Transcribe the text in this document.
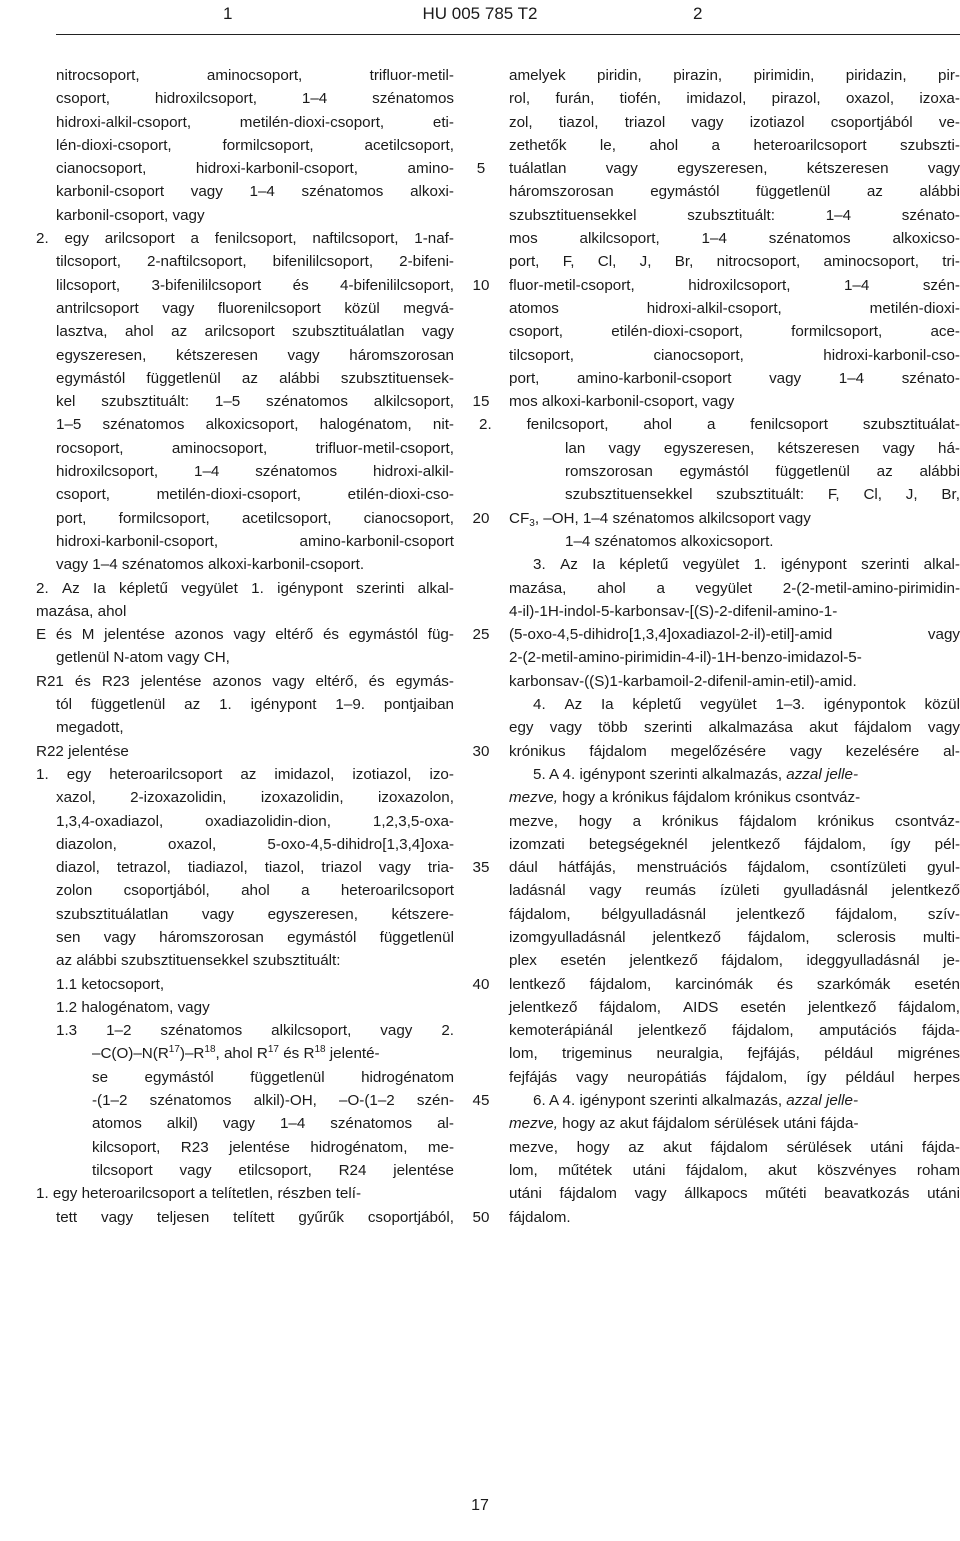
1	HU 005 785 T2	2
nitrocsoport,	aminocsoport,	trifluor-metil-
csoport,	hidroxilcsoport,	1–4	szénatomos
hidroxi-alkil-csoport,	metilén-dioxi-csoport,	eti-
lén-dioxi-csoport,	formilcsoport,	acetilcsoport,
cianocsoport,	hidroxi-karbonil-csoport,	amino-
karbonil-csoport vagy 1–4 szénatomos alkoxi-
karbonil-csoport, vagy
2. egy arilcsoport a fenilcsoport, naftilcsoport, 1-naf-
tilcsoport, 2-naftilcsoport, bifenililcsoport, 2-bifeni-
lilcsoport, 3-bifenililcsoport és 4-bifenililcsoport,
antrilcsoport vagy fluorenilcsoport közül megvá-
lasztva, ahol az arilcsoport szubsztituálatlan vagy
egyszeresen, kétszeresen vagy háromszorosan
egymástól függetlenül az alábbi szubsztituensek-
kel szubsztituált: 1–5 szénatomos alkilcsoport,
1–5 szénatomos alkoxicsoport, halogénatom, nit-
rocsoport,	aminocsoport,	trifluor-metil-csoport,
hidroxilcsoport, 1–4 szénatomos hidroxi-alkil-
csoport,	metilén-dioxi-csoport,	etilén-dioxi-cso-
port, formilcsoport, acetilcsoport, cianocsoport,
hidroxi-karbonil-csoport,	amino-karbonil-csoport
vagy 1–4 szénatomos alkoxi-karbonil-csoport.
2. Az Ia képletű vegyület 1. igénypont szerinti alkal-
mazása, ahol
E és M jelentése azonos vagy eltérő és egymástól füg-
getlenül N-atom vagy CH,
R21 és R23 jelentése azonos vagy eltérő, és egymás-
tól függetlenül az 1. igénypont 1–9. pontjaiban
megadott,
R22 jelentése
1. egy heteroarilcsoport az imidazol, izotiazol, izo-
xazol, 2-izoxazolidin, izoxazolidin, izoxazolon,
1,3,4-oxadiazol,	oxadiazolidin-dion,	1,2,3,5-oxa-
diazolon,	oxazol,	5-oxo-4,5-dihidro[1,3,4]oxa-
diazol, tetrazol, tiadiazol, tiazol, triazol vagy tria-
zolon csoportjából, ahol a heteroarilcsoport
szubsztituálatlan vagy egyszeresen, kétszere-
sen vagy háromszorosan egymástól függetlenül
az alábbi szubsztituensekkel szubsztituált:
1.1 ketocsoport,
1.2 halogénatom, vagy
1.3 1–2 szénatomos alkilcsoport, vagy 2.
$-C(O)-N(R^{17})-R^{18}$, ahol $R^{17}$ és $R^{18}$ jelenté-
se egymástól függetlenül hidrogénatom
-(1–2 szénatomos alkil)-OH, –O-(1–2 szén-
atomos alkil) vagy 1–4 szénatomos al-
kilcsoport, R23 jelentése hidrogénatom, me-
tilcsoport vagy etilcsoport, R24 jelentése
1. egy heteroarilcsoport a telítetlen, részben telí-
tett vagy teljesen telített gyűrűk csoportjából,
5
10
15
20
25
30
35
40
45
50
amelyek piridin, pirazin, pirimidin, piridazin, pir-
rol, furán, tiofén, imidazol, pirazol, oxazol, izoxa-
zol, tiazol, triazol vagy izotiazol csoportjából ve-
zethetők le, ahol a heteroarilcsoport szubszti-
tuálatlan	vagy	egyszeresen,	kétszeresen	vagy
háromszorosan egymástól függetlenül az alábbi
szubsztituensekkel	szubsztituált:	1–4	szénato-
mos	alkilcsoport,	1–4	szénatomos	alkoxicso-
port, F, Cl, J, Br, nitrocsoport, aminocsoport, tri-
fluor-metil-csoport,	hidroxilcsoport,	1–4	szén-
atomos	hidroxi-alkil-csoport,	metilén-dioxi-
csoport,	etilén-dioxi-csoport,	formilcsoport,	ace-
tilcsoport,	cianocsoport,	hidroxi-karbonil-cso-
port, amino-karbonil-csoport vagy 1–4 szénato-
mos alkoxi-karbonil-csoport, vagy
2. fenilcsoport, ahol a fenilcsoport szubsztituálat-
lan vagy egyszeresen, kétszeresen vagy há-
romszorosan egymástól függetlenül az alábbi
szubsztituensekkel szubsztituált: F, Cl, J, Br,
$CF_3$, –OH, 1–4 szénatomos alkilcsoport vagy
1–4 szénatomos alkoxicsoport.
3. Az Ia képletű vegyület 1. igénypont szerinti alkal-
mazása, ahol a vegyület 2-(2-metil-amino-pirimidin-
4-il)-1H-indol-5-karbonsav-[(S)-2-difenil-amino-1-
(5-oxo-4,5-dihidro[1,3,4]oxadiazol-2-il)-etil]-amid	vagy
2-(2-metil-amino-pirimidin-4-il)-1H-benzo-imidazol-5-
karbonsav-((S)1-karbamoil-2-difenil-amin-etil)-amid.
4. Az Ia képletű vegyület 1–3. igénypontok közül
egy vagy több szerinti alkalmazása akut fájdalom vagy
krónikus fájdalom megelőzésére vagy kezelésére al-
5. A 4. igénypont szerinti alkalmazás, azzal jelle-
mezve, hogy a krónikus fájdalom krónikus csontváz-
mezve, hogy a krónikus fájdalom krónikus csontváz-
izomzati betegségeknél jelentkező fájdalom, így pél-
dául hátfájás, menstruációs fájdalom, csontízületi gyul-
ladásnál vagy reumás ízületi gyulladásnál jelentkező
fájdalom, bélgyulladásnál jelentkező fájdalom, szív-
izomgyulladásnál jelentkező fájdalom, sclerosis multi-
plex esetén jelentkező fájdalom, ideggyulladásnál je-
lentkező fájdalom, karcinómák és szarkómák esetén
jelentkező fájdalom, AIDS esetén jelentkező fájdalom,
kemoterápiánál jelentkező fájdalom, amputációs fájda-
lom, trigeminus neuralgia, fejfájás, például migrénes
fejfájás vagy neuropátiás fájdalom, így például herpes
6. A 4. igénypont szerinti alkalmazás, azzal jelle-
mezve, hogy az akut fájdalom sérülések utáni fájda-
mezve, hogy az akut fájdalom sérülések utáni fájda-
lom, műtétek utáni fájdalom, akut köszvényes roham
utáni fájdalom vagy állkapocs műtéti beavatkozás utáni
fájdalom.
17
